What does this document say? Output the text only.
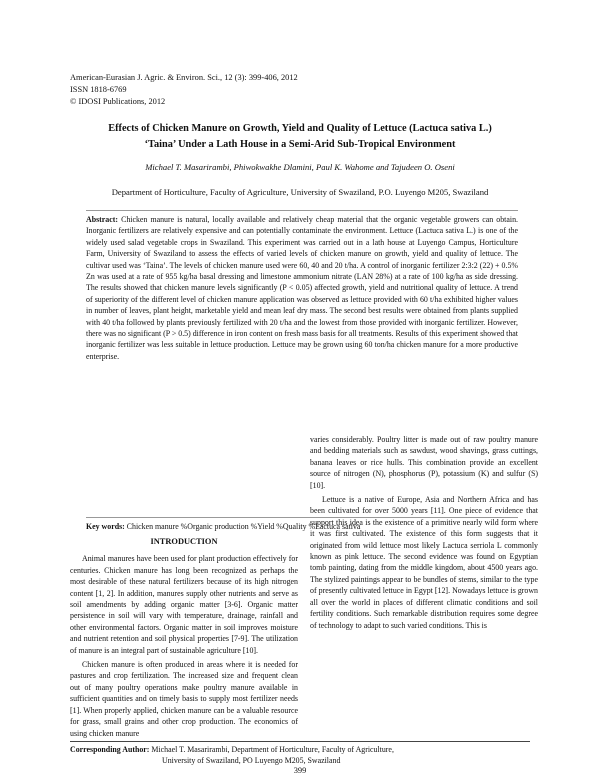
American-Eurasian J. Agric. & Environ. Sci., 12 (3): 399-406, 2012
ISSN 1818-6769
© IDOSI Publications, 2012
Effects of Chicken Manure on Growth, Yield and Quality of Lettuce (Lactuca sativa L.)
‘Taina’ Under a Lath House in a Semi-Arid Sub-Tropical Environment
Michael T. Masarirambi, Phiwokwakhe Dlamini, Paul K. Wahome and Tajudeen O. Oseni
Department of Horticulture, Faculty of Agriculture, University of Swaziland, P.O. Luyengo M205, Swaziland
Abstract: Chicken manure is natural, locally available and relatively cheap material that the organic vegetable growers can obtain. Inorganic fertilizers are relatively expensive and can potentially contaminate the environment. Lettuce (Lactuca sativa L.) is one of the widely used salad vegetable crops in Swaziland. This experiment was carried out in a lath house at Luyengo Campus, Horticulture Farm, University of Swaziland to assess the effects of varied levels of chicken manure on growth, yield and quality of lettuce. The cultivar used was ‘Taina’. The levels of chicken manure used were 60, 40 and 20 t/ha. A control of inorganic fertilizer 2:3:2 (22) + 0.5% Zn was used at a rate of 955 kg/ha basal dressing and limestone ammonium nitrate (LAN 28%) at a rate of 100 kg/ha as side dressing. The results showed that chicken manure levels significantly (P < 0.05) affected growth, yield and nutritional quality of lettuce. A trend of superiority of the different level of chicken manure application was observed as lettuce provided with 60 t/ha exhibited higher values in number of leaves, plant height, marketable yield and mean leaf dry mass. The second best results were obtained from plants supplied with 40 t/ha followed by plants previously fertilized with 20 t/ha and the lowest from those provided with inorganic fertilizer. However, there was no significant (P > 0.5) difference in iron content on fresh mass basis for all treatments. Results of this experiment showed that inorganic fertilizer was less suitable in lettuce production. Lettuce may be grown using 60 ton/ha chicken manure for a more productive enterprise.
Key words: Chicken manure %Organic production %Yield %Quality %Lactuca sativa
INTRODUCTION

Animal manures have been used for plant production effectively for centuries. Chicken manure has long been recognized as perhaps the most desirable of these natural fertilizers because of its high nitrogen content [1, 2]. In addition, manures supply other nutrients and serve as soil amendments by adding organic matter [3-6]. Organic matter persistence in soil will vary with temperature, drainage, rainfall and other environmental factors. Organic matter in soil improves moisture and nutrient retention and soil physical properties [7-9]. The utilization of manure is an integral part of sustainable agriculture [10].

Chicken manure is often produced in areas where it is needed for pastures and crop fertilization. The increased size and frequent clean out of many poultry operations make poultry manure available in sufficient quantities and on timely basis to supply most fertilizer needs [1]. When properly applied, chicken manure can be a valuable resource for grass, small grains and other crop production. The economics of using chicken manure

varies considerably. Poultry litter is made out of raw poultry manure and bedding materials such as sawdust, wood shavings, grass cuttings, banana leaves or rice hulls. This combination provide an excellent source of nitrogen (N), phosphorus (P), potassium (K) and sulfur (S) [10].

Lettuce is a native of Europe, Asia and Northern Africa and has been cultivated for over 5000 years [11]. One piece of evidence that support this idea is the existence of a primitive nearly wild form where it was first cultivated. The existence of this form suggests that it originated from wild lettuce most likely Lactuca serriola L commonly known as pink lettuce. The second evidence was found on Egyptian tomb painting, dating from the middle kingdom, about 4500 years ago. The stylized paintings appear to be bundles of stems, similar to the type of presently cultivated lettuce in Egypt [12]. Nowadays lettuce is grown all over the world in places of different climatic conditions and soil fertility conditions. Such remarkable distribution requires some degree of technology to adapt to such varied conditions. This is

Corresponding Author: Michael T. Masarirambi, Department of Horticulture, Faculty of Agriculture,
University of Swaziland, PO Luyengo M205, Swaziland
399
